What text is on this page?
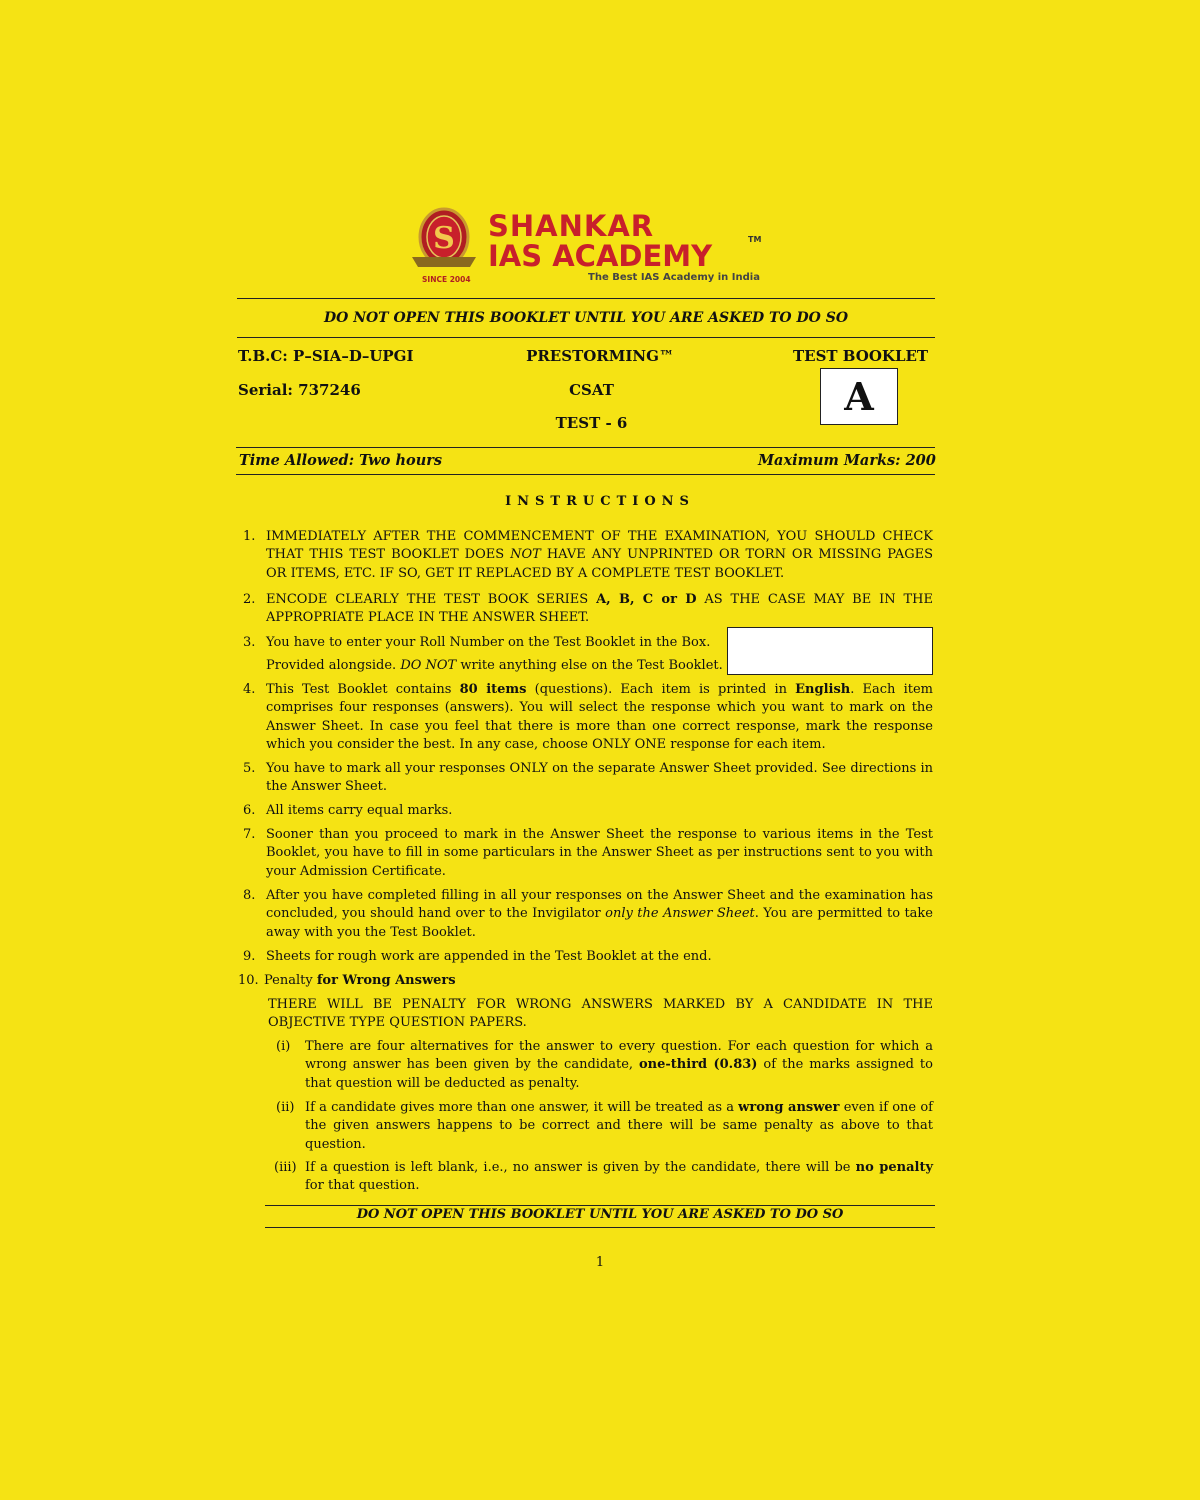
S
SINCE 2004
SHANKAR
IAS ACADEMY	TM
The Best IAS Academy in India
DO NOT OPEN THIS BOOKLET UNTIL YOU ARE ASKED TO DO SO
T.B.C: P–SIA–D–UPGI
Serial: 737246
PRESTORMING™
CSAT
TEST - 6
TEST BOOKLET
A
Time Allowed: Two hours	Maximum Marks: 200
INSTRUCTIONS
1. IMMEDIATELY AFTER THE COMMENCEMENT OF THE EXAMINATION, YOU SHOULD CHECK THAT THIS TEST BOOKLET DOES NOT HAVE ANY UNPRINTED OR TORN OR MISSING PAGES OR ITEMS, ETC. IF SO, GET IT REPLACED BY A COMPLETE TEST BOOKLET.
2. ENCODE CLEARLY THE TEST BOOK SERIES A, B, C or D AS THE CASE MAY BE IN THE APPROPRIATE PLACE IN THE ANSWER SHEET.
3. You have to enter your Roll Number on the Test Booklet in the Box.
Provided alongside. DO NOT write anything else on the Test Booklet.
4. This Test Booklet contains 80 items (questions). Each item is printed in English. Each item comprises four responses (answers). You will select the response which you want to mark on the Answer Sheet. In case you feel that there is more than one correct response, mark the response which you consider the best. In any case, choose ONLY ONE response for each item.
5. You have to mark all your responses ONLY on the separate Answer Sheet provided. See directions in the Answer Sheet.
6. All items carry equal marks.
7. Sooner than you proceed to mark in the Answer Sheet the response to various items in the Test Booklet, you have to fill in some particulars in the Answer Sheet as per instructions sent to you with your Admission Certificate.
8. After you have completed filling in all your responses on the Answer Sheet and the examination has concluded, you should hand over to the Invigilator only the Answer Sheet. You are permitted to take away with you the Test Booklet.
9. Sheets for rough work are appended in the Test Booklet at the end.
10. Penalty for Wrong Answers
THERE WILL BE PENALTY FOR WRONG ANSWERS MARKED BY A CANDIDATE IN THE OBJECTIVE TYPE QUESTION PAPERS.
(i) There are four alternatives for the answer to every question. For each question for which a wrong answer has been given by the candidate, one-third (0.83) of the marks assigned to that question will be deducted as penalty.
(ii) If a candidate gives more than one answer, it will be treated as a wrong answer even if one of the given answers happens to be correct and there will be same penalty as above to that question.
(iii) If a question is left blank, i.e., no answer is given by the candidate, there will be no penalty for that question.
DO NOT OPEN THIS BOOKLET UNTIL YOU ARE ASKED TO DO SO
1
